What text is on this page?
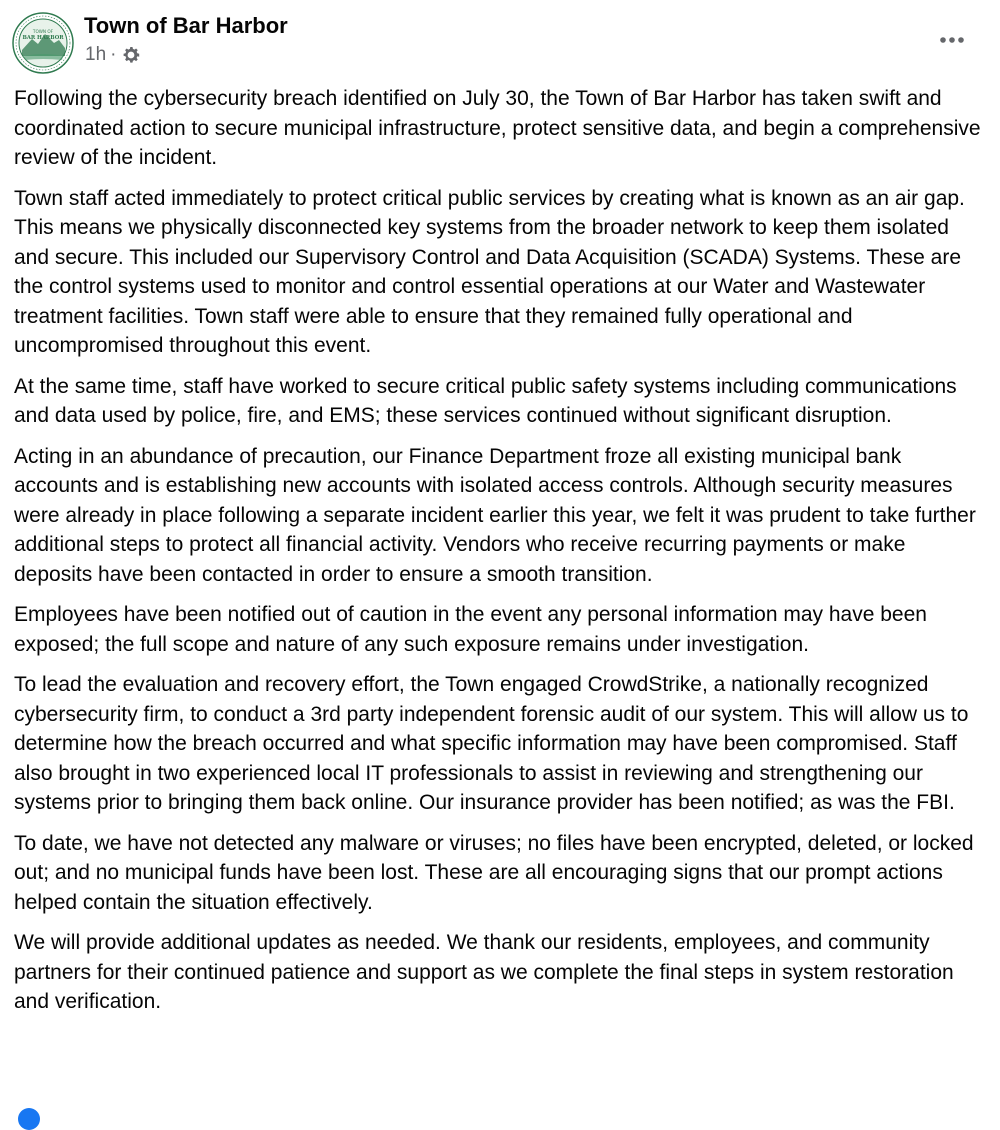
TOWN OF
BAR HARBOR Town of Bar Harbor
1h ·

Following the cybersecurity breach identified on July 30, the Town of Bar Harbor has taken swift and coordinated action to secure municipal infrastructure, protect sensitive data, and begin a comprehensive review of the incident.

Town staff acted immediately to protect critical public services by creating what is known as an air gap. This means we physically disconnected key systems from the broader network to keep them isolated and secure. This included our Supervisory Control and Data Acquisition (SCADA) Systems. These are the control systems used to monitor and control essential operations at our Water and Wastewater treatment facilities. Town staff were able to ensure that they remained fully operational and uncompromised throughout this event.

At the same time, staff have worked to secure critical public safety systems including communications and data used by police, fire, and EMS; these services continued without significant disruption.

Acting in an abundance of precaution, our Finance Department froze all existing municipal bank accounts and is establishing new accounts with isolated access controls. Although security measures were already in place following a separate incident earlier this year, we felt it was prudent to take further additional steps to protect all financial activity. Vendors who receive recurring payments or make deposits have been contacted in order to ensure a smooth transition.

Employees have been notified out of caution in the event any personal information may have been exposed; the full scope and nature of any such exposure remains under investigation.

To lead the evaluation and recovery effort, the Town engaged CrowdStrike, a nationally recognized cybersecurity firm, to conduct a 3rd party independent forensic audit of our system. This will allow us to determine how the breach occurred and what specific information may have been compromised. Staff also brought in two experienced local IT professionals to assist in reviewing and strengthening our systems prior to bringing them back online. Our insurance provider has been notified; as was the FBI.

To date, we have not detected any malware or viruses; no files have been encrypted, deleted, or locked out; and no municipal funds have been lost. These are all encouraging signs that our prompt actions helped contain the situation effectively.

We will provide additional updates as needed. We thank our residents, employees, and community partners for their continued patience and support as we complete the final steps in system restoration and verification.
